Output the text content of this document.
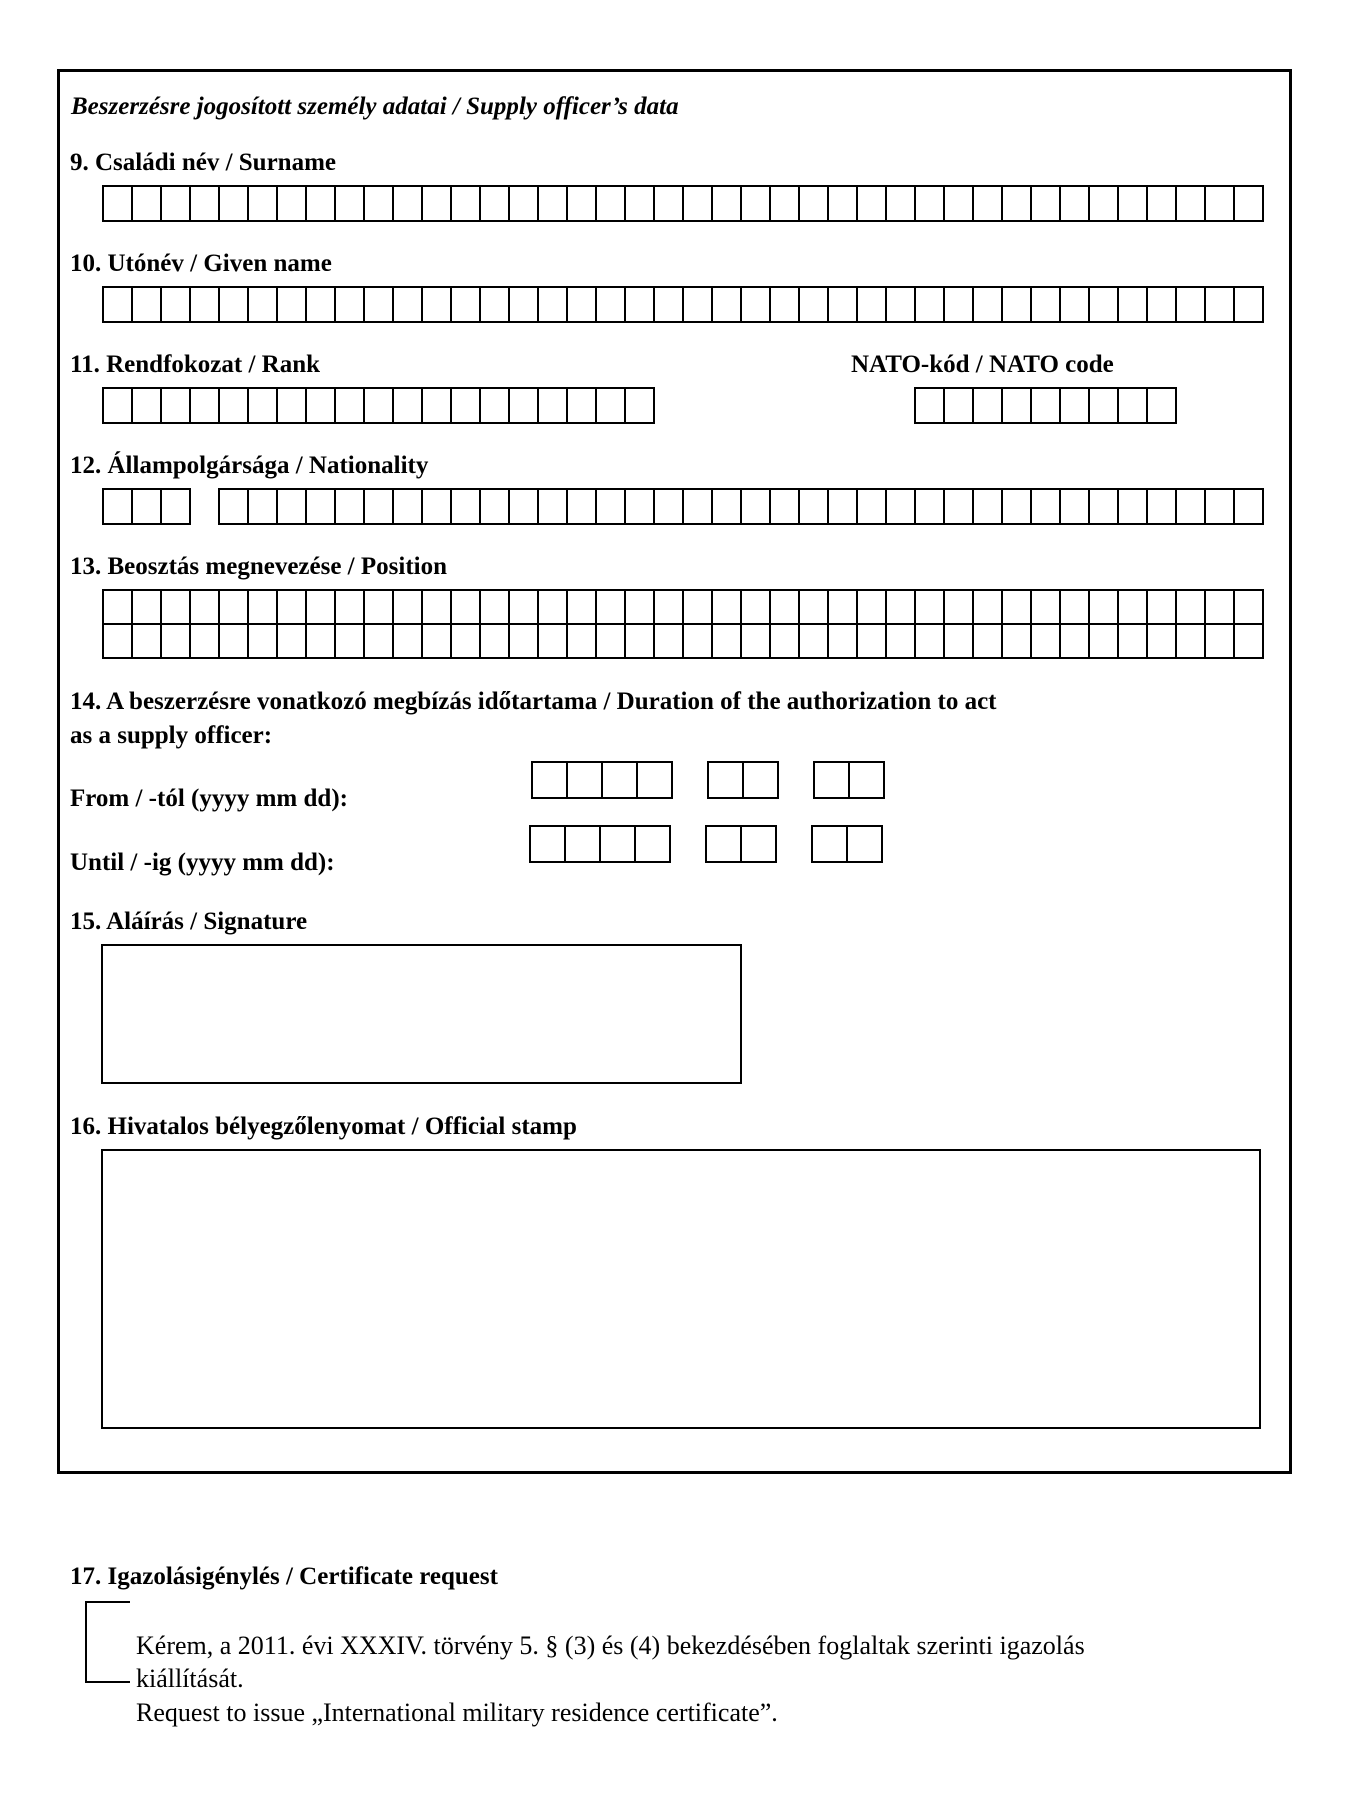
Beszerzésre jogosított személy adatai / Supply officer’s data
9. Családi név / Surname
10. Utónév / Given name
11. Rendfokozat / Rank	NATO-kód / NATO code
12. Állampolgársága / Nationality
13. Beosztás megnevezése / Position
14. A beszerzésre vonatkozó megbízás időtartama / Duration of the authorization to act
as a supply officer:
From / -tól (yyyy mm dd):
Until / -ig (yyyy mm dd):
15. Aláírás / Signature
16. Hivatalos bélyegzőlenyomat / Official stamp
17. Igazolásigénylés / Certificate request
Kérem, a 2011. évi XXXIV. törvény 5. § (3) és (4) bekezdésében foglaltak szerinti igazolás
kiállítását.
Request to issue „International military residence certificate”.
